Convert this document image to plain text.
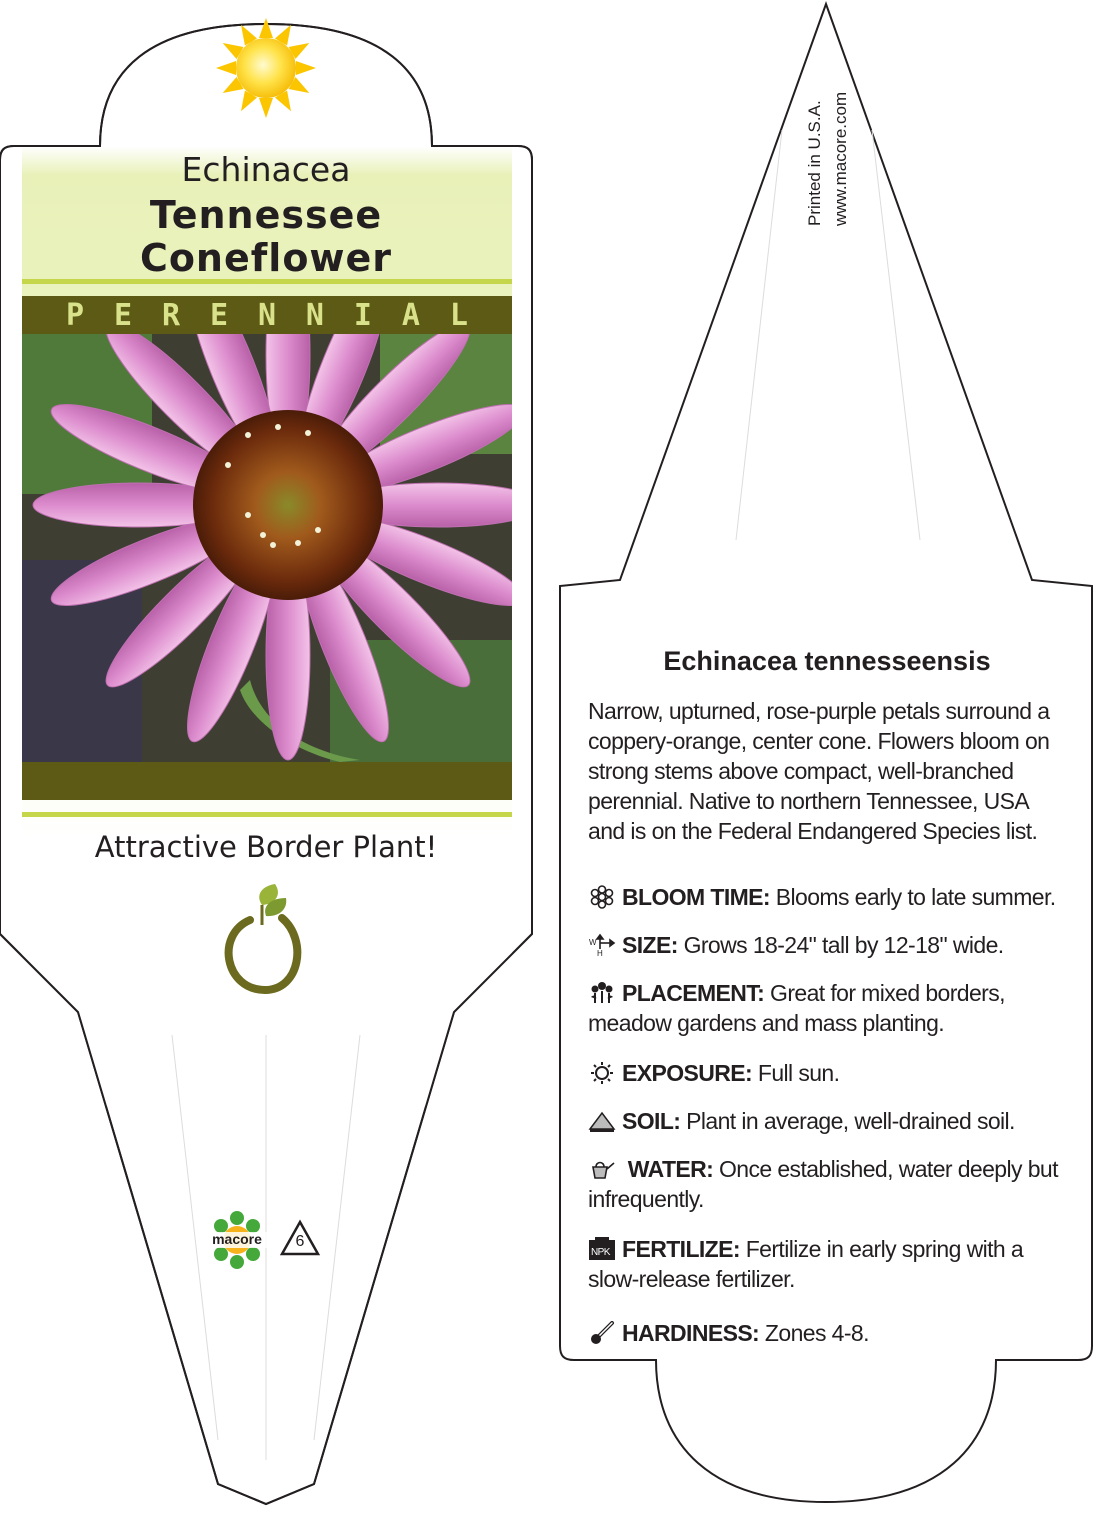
Echinacea
Tennessee
Coneflower
P E R E N N I A L
Attractive Border Plant!
macore	6
Printed in U.S.A. www.macore.com
Echinacea tennesseensis
Narrow, upturned, rose-purple petals surround a coppery-orange, center cone. Flowers bloom on strong stems above compact, well-branched perennial. Native to northern Tennessee, USA and is on the Federal Endangered Species list.
BLOOM TIME: Blooms early to late summer.
W
H SIZE: Grows 18-24" tall by 12-18" wide.
PLACEMENT: Great for mixed borders, meadow gardens and mass planting.
EXPOSURE: Full sun.
SOIL: Plant in average, well-drained soil.
WATER: Once established, water deeply but infrequently.
NPK FERTILIZE: Fertilize in early spring with a slow-release fertilizer.
HARDINESS: Zones 4-8.
